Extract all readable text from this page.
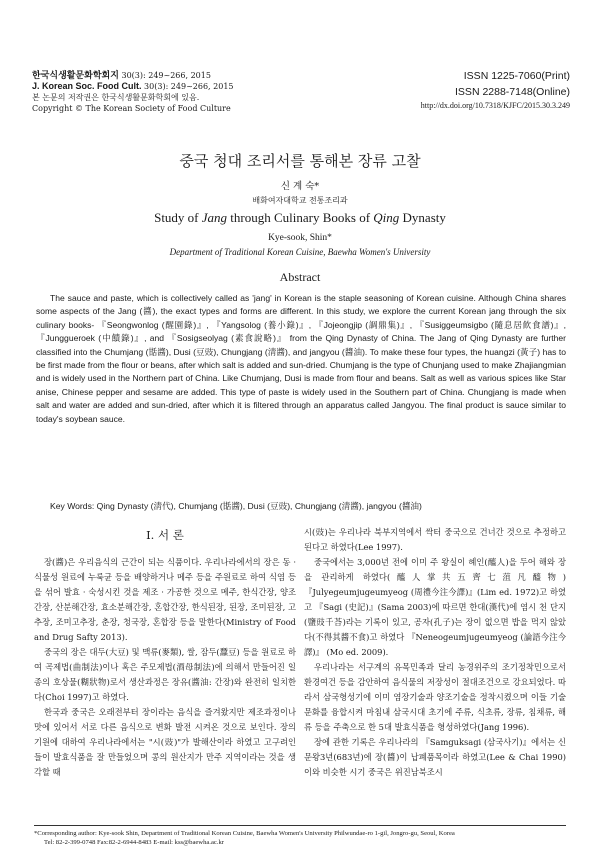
한국식생활문화학회지 30(3): 249~266, 2015
J. Korean Soc. Food Cult. 30(3): 249~266, 2015
본 논문의 저작권은 한국식생활문화학회에 있음.
Copyright © The Korean Society of Food Culture
ISSN 1225-7060(Print)
ISSN 2288-7148(Online)
http://dx.doi.org/10.7318/KJFC/2015.30.3.249
중국 청대 조리서를 통해본 장류 고찰
신 계 숙*
배화여자대학교 전통조리과
Study of Jang through Culinary Books of Qing Dynasty
Kye-sook, Shin*
Department of Traditional Korean Cuisine, Baewha Women's University
Abstract

The sauce and paste, which is collectively called as 'jang' in Korean is the staple seasoning of Korean cuisine. Although China shares some aspects of the Jang (醬), the exact types and forms are different. In this study, we explore the current Korean jang through the six culinary books- 『Seongwonlog (醒園錄)』, 『Yangsolog (養小錄)』, 『Jojeongjip (調鼎集)』, 『Susiggeumsigbo (隨息居飮食譜)』, 『Junggueroek (中饋錄)』, and 『Sosigseolyag (素食說略)』 from the Qing Dynasty of China. The Jang of Qing Dynasty are further classified into the Chumjang (甛醬), Dusi (豆豉), Chungjang (淸醬), and jangyou (醬油). To make these four types, the huangzi (黃子) has to be first made from the flour or beans, after which salt is added and sun-dried. Chumjang is the type of Chunjang used to make Zhajiangmian and is widely used in the Northern part of China. Like Chumjang, Dusi is made from flour and beans. Salt as well as various spices like Star anise, Chinese pepper and sesame are added. This type of paste is widely used in the Southern part of China. Chungjang is made when salt and water are added and sun-dried, after which it is filtered through an apparatus called Jangyou. The final product is sauce similar to today's soybean sauce.

Key Words: Qing Dynasty (淸代), Chumjang (甛醬), Dusi (豆豉), Chungjang (淸醬), jangyou (醬油)
Ⅰ. 서 론

장(醬)은 우리음식의 근간이 되는 식품이다. 우리나라에서의 장은 동 · 식물성 원료에 누룩균 등을 배양하거나 메주 등을 주원료로 하여 식염 등을 섞어 발효 · 숙성시킨 것을 제조 · 가공한 것으로 메주, 한식간장, 양조간장, 산분해간장, 효소분해간장, 혼합간장, 한식된장, 된장, 조미된장, 고추장, 조미고추장, 춘장, 청국장, 혼합장 등을 말한다(Ministry of Food and Drug Safty 2013).

중국의 장은 대두(大豆) 및 맥류(麥類), 쌀, 잠두(蠶豆) 등을 원료로 하여 곡제법(曲制法)이나 혹은 주모제법(酒母制法)에 의해서 만들어진 일종의 호상물(糊狀物)로서 생산과정은 장유(醬油: 간장)와 완전히 일치한다(Choi 1997)고 하였다.

한국과 중국은 오래전부터 장이라는 음식을 즐겨왔지만 제조과정이나 맛에 있어서 서로 다른 음식으로 변화 발전 시켜온 것으로 보인다. 장의 기원에 대하여 우리나라에서는 "시(豉)"가 발해산이라 하였고 고구려인들이 발효식품을 잘 만들었으며 콩의 원산지가 만주 지역이라는 것을 생각할 때

시(豉)는 우리나라 북부지역에서 싹터 중국으로 건너간 것으로 추정하고 된다고 하였다(Lee 1997).

중국에서는 3,000년 전에 이미 주 왕실이 혜인(醯人)을 두어 해와 장을 관리하게 하였다(醯人掌共五齊七菹凡醯物) 『Julyegeumjugeumyeog (周禮今注今譯)』(Lim ed. 1972)고 하였고 『Sagi (史記)』(Sama 2003)에 따르면 한대(漢代)에 염시 천 단지(鹽豉千荅)라는 기록이 있고, 공자(孔子)는 장이 없으면 밥을 먹지 않았다(不得其醬不食)고 하였다 『Neneogeumjugeumyeog (論語今注今譯)』 (Mo ed. 2009).

우리나라는 서구계의 유목민족과 달리 농경위주의 조기정착민으로서 환경여건 등을 감안하여 음식물의 저장성이 절대조건으로 강요되었다. 따라서 삼국형성기에 이미 염장기술과 양조기술을 정착시켰으며 이들 기술 문화를 융합시켜 마침내 삼국시대 초기에 주류, 식초류, 장류, 침채류, 해류 등을 주축으로 한 5대 발효식품을 형성하였다(Jang 1996).

장에 관한 기록은 우리나라의 『Samguksagi (삼국사기)』에서는 신문왕3년(683년)에 장(醬)이 납폐품목이라 하였고(Lee & Chai 1990) 이와 비슷한 시기 중국은 위진남북조시

*Corresponding author: Kye-sook Shin, Department of Traditional Korean Cuisine, Baewha Women's University Philwundae-ro 1-gil, Jongro-gu, Seoul, Korea
Tel: 82-2-399-0748 Fax:82-2-6944-8483 E-mail: kss@baewha.ac.kr
